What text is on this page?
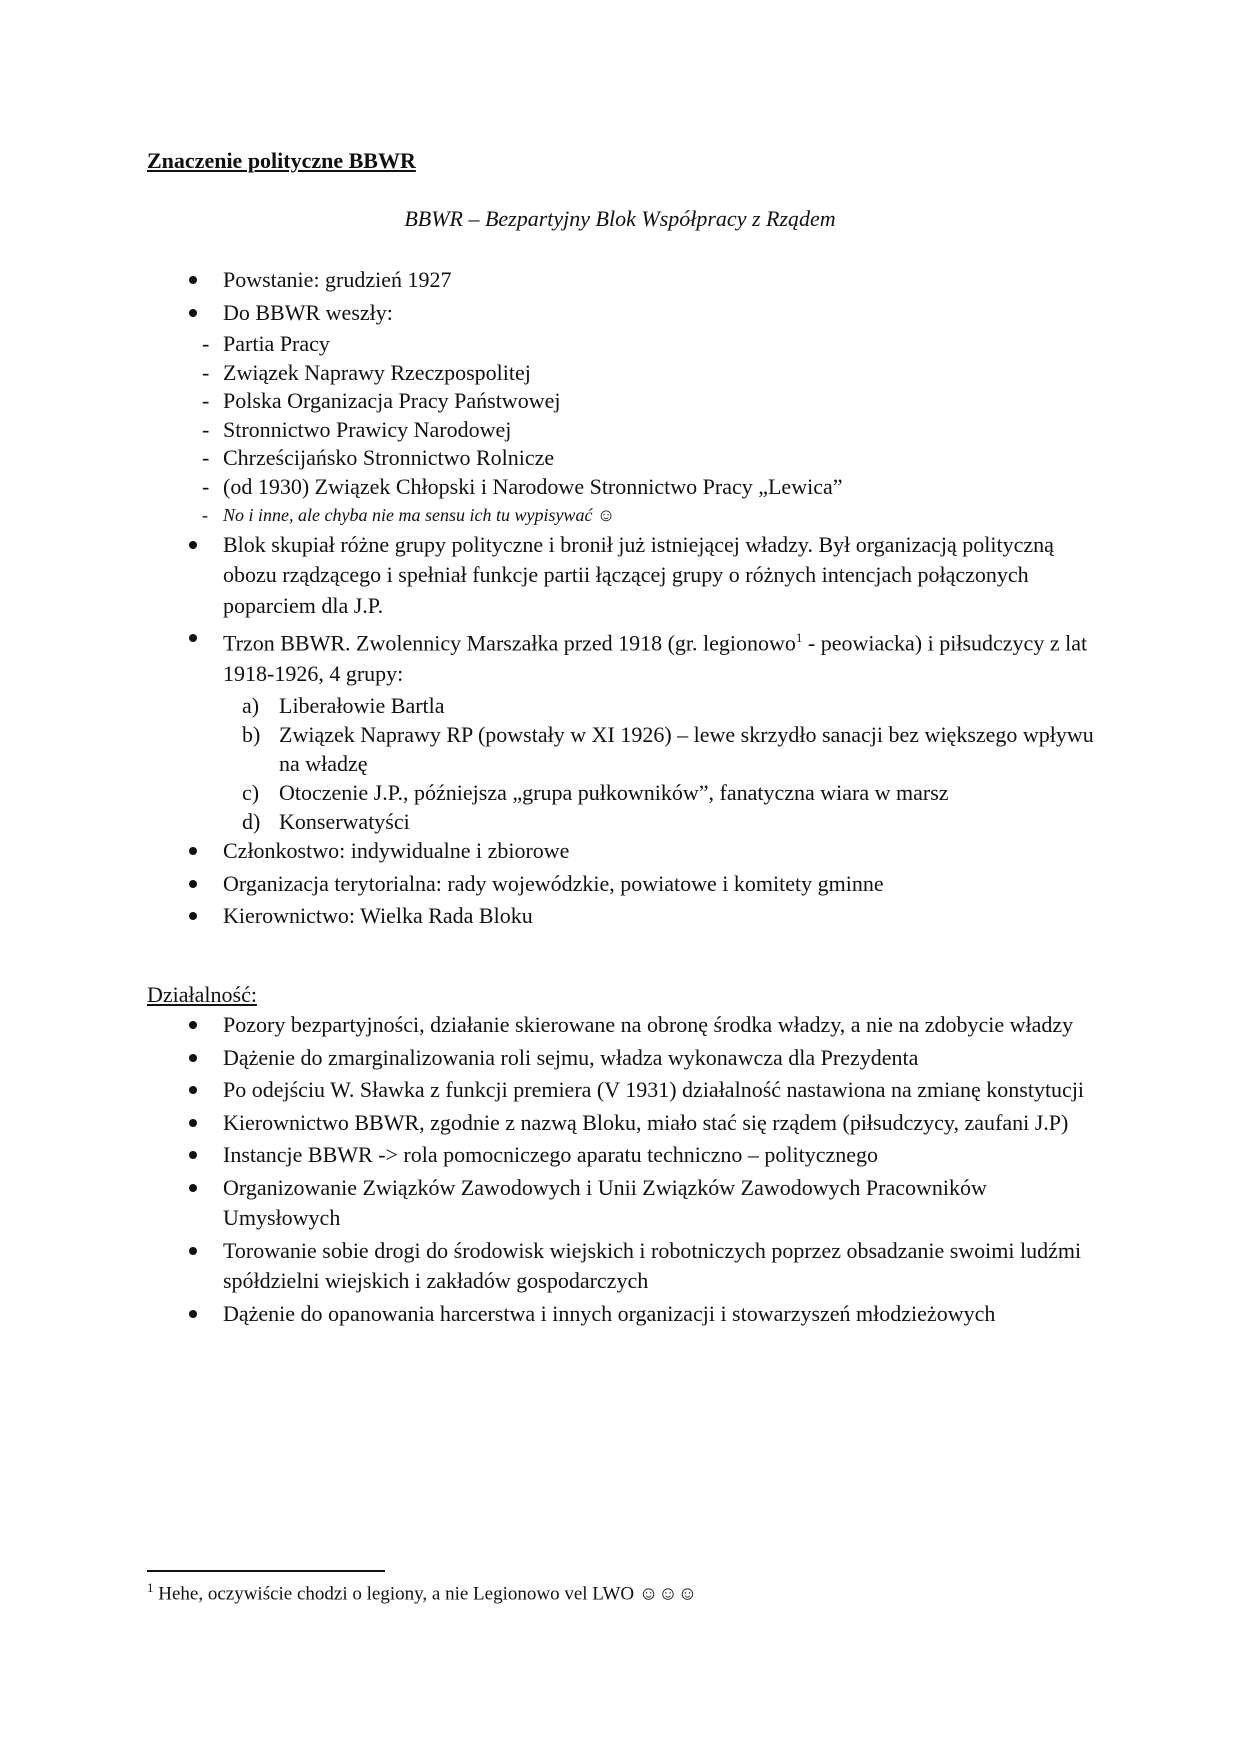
Znaczenie polityczne BBWR
BBWR – Bezpartyjny Blok Współpracy z Rządem
Powstanie: grudzień 1927
Do BBWR weszły:
- Partia Pracy
- Związek Naprawy Rzeczpospolitej
- Polska Organizacja Pracy Państwowej
- Stronnictwo Prawicy Narodowej
- Chrześcijańsko Stronnictwo Rolnicze
- (od 1930) Związek Chłopski i Narodowe Stronnictwo Pracy „Lewica”
- No i inne, ale chyba nie ma sensu ich tu wypisywać ☺
Blok skupiał różne grupy polityczne i bronił już istniejącej władzy. Był organizacją polityczną obozu rządzącego i spełniał funkcje partii łączącej grupy o różnych intencjach połączonych poparciem dla J.P.
Trzon BBWR. Zwolennicy Marszałka przed 1918 (gr. legionowo$^1$ - peowiacka) i piłsudczycy z lat 1918-1926, 4 grupy:
a) Liberałowie Bartla
b) Związek Naprawy RP (powstały w XI 1926) – lewe skrzydło sanacji bez większego wpływu na władzę
c) Otoczenie J.P., późniejsza „grupa pułkowników”, fanatyczna wiara w marsz
d) Konserwatyści
Członkostwo: indywidualne i zbiorowe
Organizacja terytorialna: rady wojewódzkie, powiatowe i komitety gminne
Kierownictwo: Wielka Rada Bloku
Działalność:
Pozory bezpartyjności, działanie skierowane na obronę środka władzy, a nie na zdobycie władzy
Dążenie do zmarginalizowania roli sejmu, władza wykonawcza dla Prezydenta
Po odejściu W. Sławka z funkcji premiera (V 1931) działalność nastawiona na zmianę konstytucji
Kierownictwo BBWR, zgodnie z nazwą Bloku, miało stać się rządem (piłsudczycy, zaufani J.P)
Instancje BBWR -> rola pomocniczego aparatu techniczno – politycznego
Organizowanie Związków Zawodowych i Unii Związków Zawodowych Pracowników Umysłowych
Torowanie sobie drogi do środowisk wiejskich i robotniczych poprzez obsadzanie swoimi ludźmi spółdzielni wiejskich i zakładów gospodarczych
Dążenie do opanowania harcerstwa i innych organizacji i stowarzyszeń młodzieżowych
$^1$ Hehe, oczywiście chodzi o legiony, a nie Legionowo vel LWO ☺☺☺
